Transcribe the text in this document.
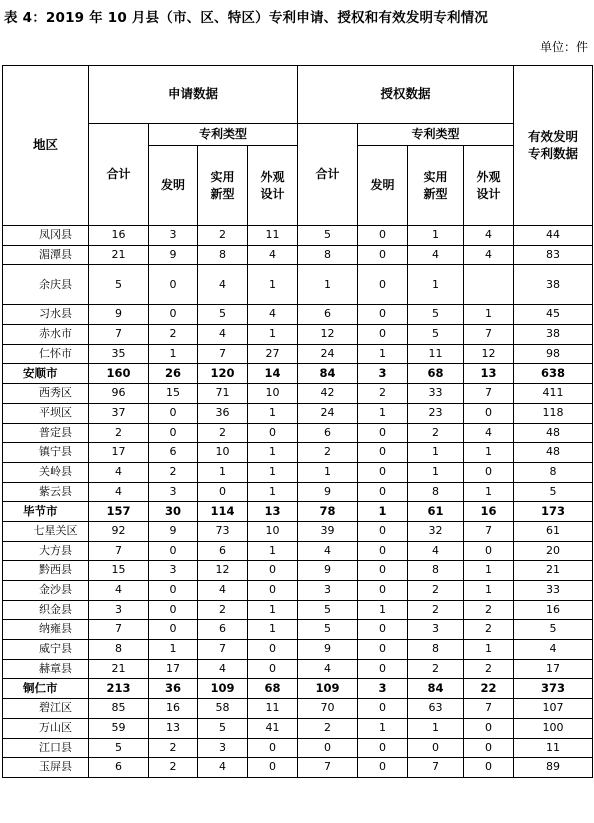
表 4：2019 年 10 月县（市、区、特区）专利申请、授权和有效发明专利情况
单位：件
地区	申请数据				授权数据				有效发明专利数据
	合计	专利类型			合计	专利类型			
		发明	实用新型	外观设计		发明	实用新型	外观设计	
凤冈县	16	3	2	11	5	0	1	4	44
湄潭县	21	9	8	4	8	0	4	4	83
余庆县	5	0	4	1	1	0	1		38
习水县	9	0	5	4	6	0	5	1	45
赤水市	7	2	4	1	12	0	5	7	38
仁怀市	35	1	7	27	24	1	11	12	98
安顺市	160	26	120	14	84	3	68	13	638
西秀区	96	15	71	10	42	2	33	7	411
平坝区	37	0	36	1	24	1	23	0	118
普定县	2	0	2	0	6	0	2	4	48
镇宁县	17	6	10	1	2	0	1	1	48
关岭县	4	2	1	1	1	0	1	0	8
紫云县	4	3	0	1	9	0	8	1	5
毕节市	157	30	114	13	78	1	61	16	173
七星关区	92	9	73	10	39	0	32	7	61
大方县	7	0	6	1	4	0	4	0	20
黔西县	15	3	12	0	9	0	8	1	21
金沙县	4	0	4	0	3	0	2	1	33
织金县	3	0	2	1	5	1	2	2	16
纳雍县	7	0	6	1	5	0	3	2	5
威宁县	8	1	7	0	9	0	8	1	4
赫章县	21	17	4	0	4	0	2	2	17
铜仁市	213	36	109	68	109	3	84	22	373
碧江区	85	16	58	11	70	0	63	7	107
万山区	59	13	5	41	2	1	1	0	100
江口县	5	2	3	0	0	0	0	0	11
玉屏县	6	2	4	0	7	0	7	0	89
